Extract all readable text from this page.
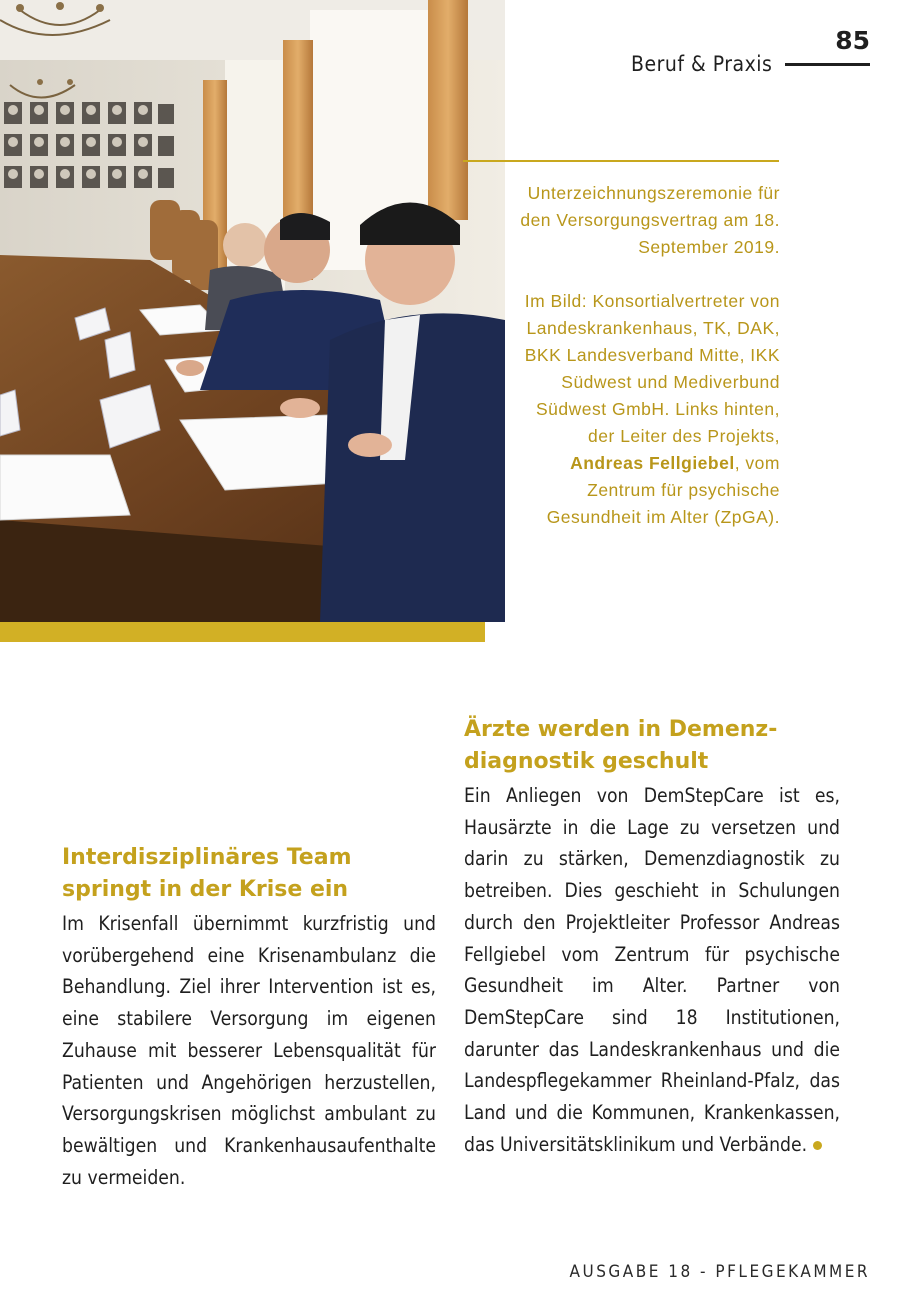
85
Beruf & Praxis

Unterzeichnungszeremonie für den Versorgungsvertrag am 18. September 2019.

Im Bild: Konsortialvertreter von Landeskrankenhaus, TK, DAK, BKK Landesverband Mitte, IKK Südwest und Mediverbund Südwest GmbH. Links hinten, der Leiter des Projekts, Andreas Fellgiebel, vom Zentrum für psychische Gesundheit im Alter (ZpGA).

Ärzte werden in Demenzdiagnostik geschult

Ein Anliegen von DemStepCare ist es, Hausärzte in die Lage zu versetzen und darin zu stärken, Demenzdiagnostik zu betreiben. Dies geschieht in Schulungen durch den Projektleiter Professor Andreas Fellgiebel vom Zentrum für psychische Gesundheit im Alter. Partner von DemStepCare sind 18 Institutionen, darunter das Landeskrankenhaus und die Landespflegekammer Rheinland-Pfalz, das Land und die Kommunen, Krankenkassen, das Universitätsklinikum und Verbände.

Interdisziplinäres Team springt in der Krise ein

Im Krisenfall übernimmt kurzfristig und vorübergehend eine Krisenambulanz die Behandlung. Ziel ihrer Intervention ist es, eine stabilere Versorgung im eigenen Zuhause mit besserer Lebensqualität für Patienten und Angehörigen herzustellen, Versorgungskrisen möglichst ambulant zu bewältigen und Krankenhausaufenthalte zu vermeiden.

AUSGABE 18 - PFLEGEKAMMER
